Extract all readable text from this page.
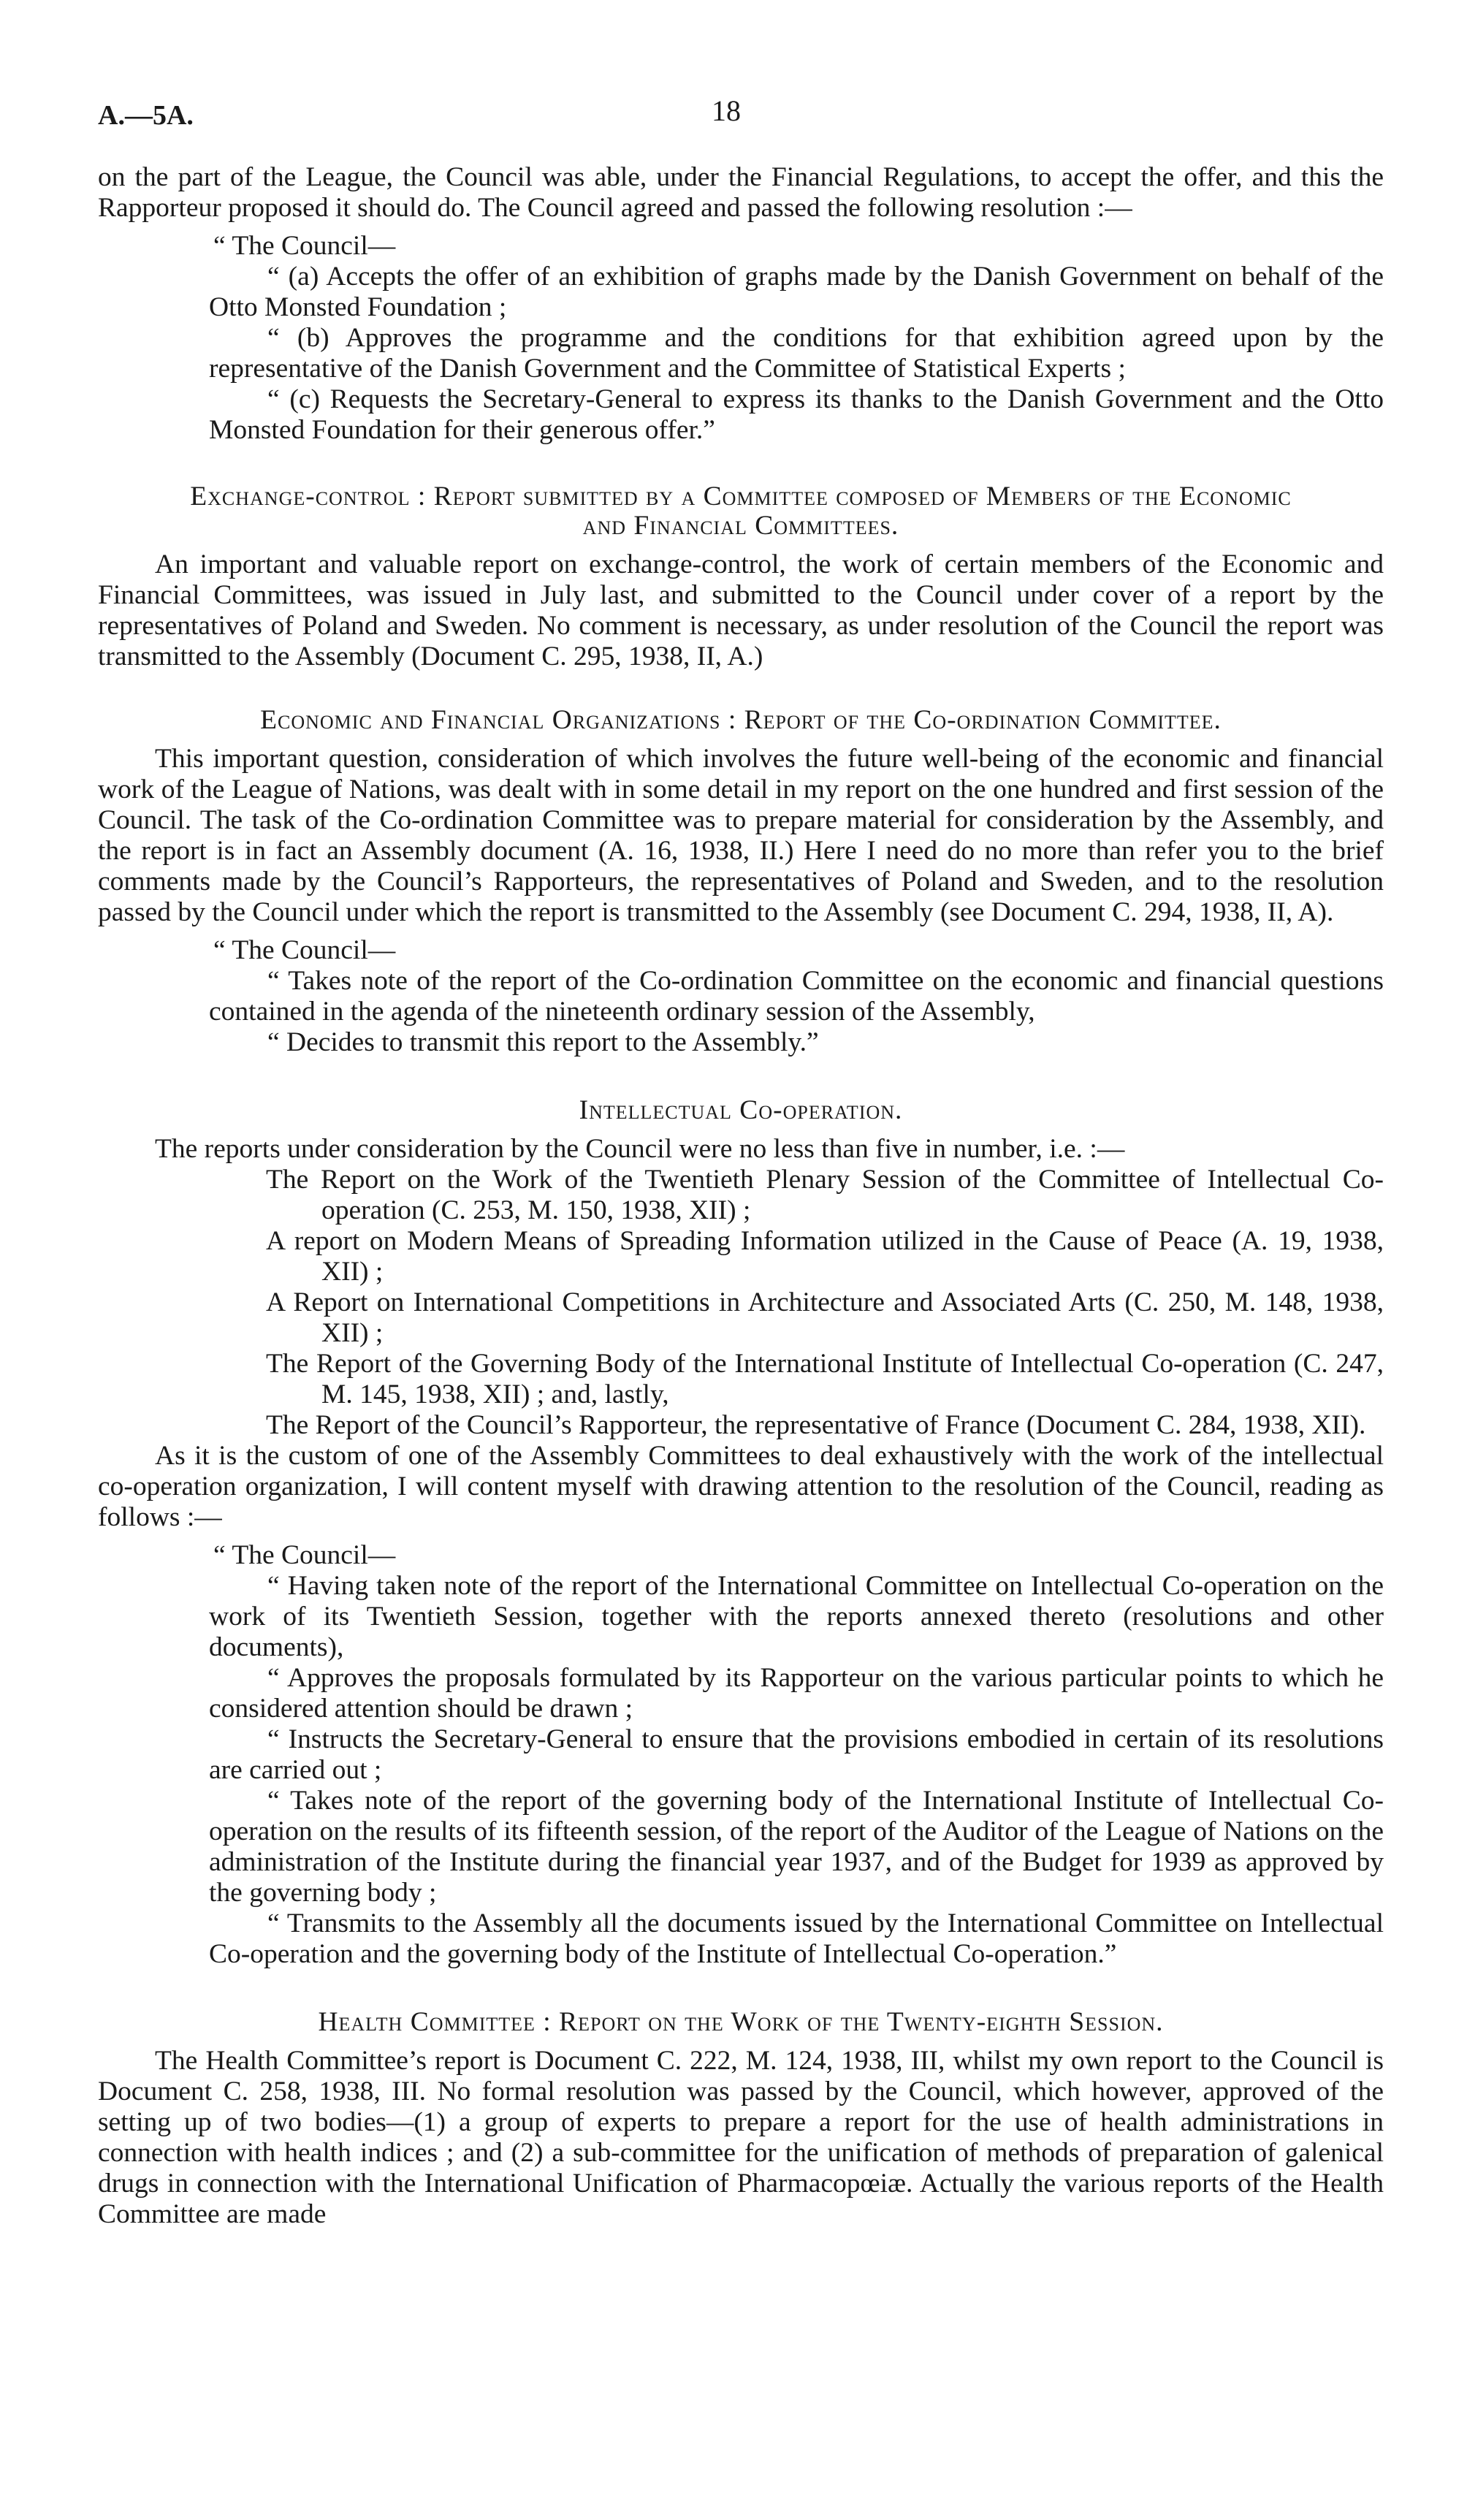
A.—5A.	18

on the part of the League, the Council was able, under the Financial Regulations, to accept the offer, and this the Rapporteur proposed it should do. The Council agreed and passed the following resolution :—

“ The Council—

“ (a) Accepts the offer of an exhibition of graphs made by the Danish Government on behalf of the Otto Monsted Foundation ;

“ (b) Approves the programme and the conditions for that exhibition agreed upon by the representative of the Danish Government and the Committee of Statistical Experts ;

“ (c) Requests the Secretary-General to express its thanks to the Danish Government and the Otto Monsted Foundation for their generous offer.”

Exchange-control : Report submitted by a Committee composed of Members of the Economic
and Financial Committees.

An important and valuable report on exchange-control, the work of certain members of the Economic and Financial Committees, was issued in July last, and submitted to the Council under cover of a report by the representatives of Poland and Sweden. No comment is necessary, as under resolution of the Council the report was transmitted to the Assembly (Document C. 295, 1938, II, A.)

Economic and Financial Organizations : Report of the Co-ordination Committee.

This important question, consideration of which involves the future well-being of the economic and financial work of the League of Nations, was dealt with in some detail in my report on the one hundred and first session of the Council. The task of the Co-ordination Committee was to prepare material for consideration by the Assembly, and the report is in fact an Assembly document (A. 16, 1938, II.) Here I need do no more than refer you to the brief comments made by the Council’s Rapporteurs, the representatives of Poland and Sweden, and to the resolution passed by the Council under which the report is transmitted to the Assembly (see Document C. 294, 1938, II, A).

“ The Council—

“ Takes note of the report of the Co-ordination Committee on the economic and financial questions contained in the agenda of the nineteenth ordinary session of the Assembly,

“ Decides to transmit this report to the Assembly.”

Intellectual Co-operation.

The reports under consideration by the Council were no less than five in number, i.e. :—

The Report on the Work of the Twentieth Plenary Session of the Committee of Intellectual Co-operation (C. 253, M. 150, 1938, XII) ;

A report on Modern Means of Spreading Information utilized in the Cause of Peace (A. 19, 1938, XII) ;

A Report on International Competitions in Architecture and Associated Arts (C. 250, M. 148, 1938, XII) ;

The Report of the Governing Body of the International Institute of Intellectual Co-operation (C. 247, M. 145, 1938, XII) ; and, lastly,

The Report of the Council’s Rapporteur, the representative of France (Document C. 284, 1938, XII).

As it is the custom of one of the Assembly Committees to deal exhaustively with the work of the intellectual co-operation organization, I will content myself with drawing attention to the resolution of the Council, reading as follows :—

“ The Council—

“ Having taken note of the report of the International Committee on Intellectual Co-operation on the work of its Twentieth Session, together with the reports annexed thereto (resolutions and other documents),

“ Approves the proposals formulated by its Rapporteur on the various particular points to which he considered attention should be drawn ;

“ Instructs the Secretary-General to ensure that the provisions embodied in certain of its resolutions are carried out ;

“ Takes note of the report of the governing body of the International Institute of Intellectual Co-operation on the results of its fifteenth session, of the report of the Auditor of the League of Nations on the administration of the Institute during the financial year 1937, and of the Budget for 1939 as approved by the governing body ;

“ Transmits to the Assembly all the documents issued by the International Committee on Intellectual Co-operation and the governing body of the Institute of Intellectual Co-operation.”

Health Committee : Report on the Work of the Twenty-eighth Session.

The Health Committee’s report is Document C. 222, M. 124, 1938, III, whilst my own report to the Council is Document C. 258, 1938, III. No formal resolution was passed by the Council, which however, approved of the setting up of two bodies—(1) a group of experts to prepare a report for the use of health administrations in connection with health indices ; and (2) a sub-committee for the unification of methods of preparation of galenical drugs in connection with the International Unification of Pharmacopœiæ. Actually the various reports of the Health Committee are made
